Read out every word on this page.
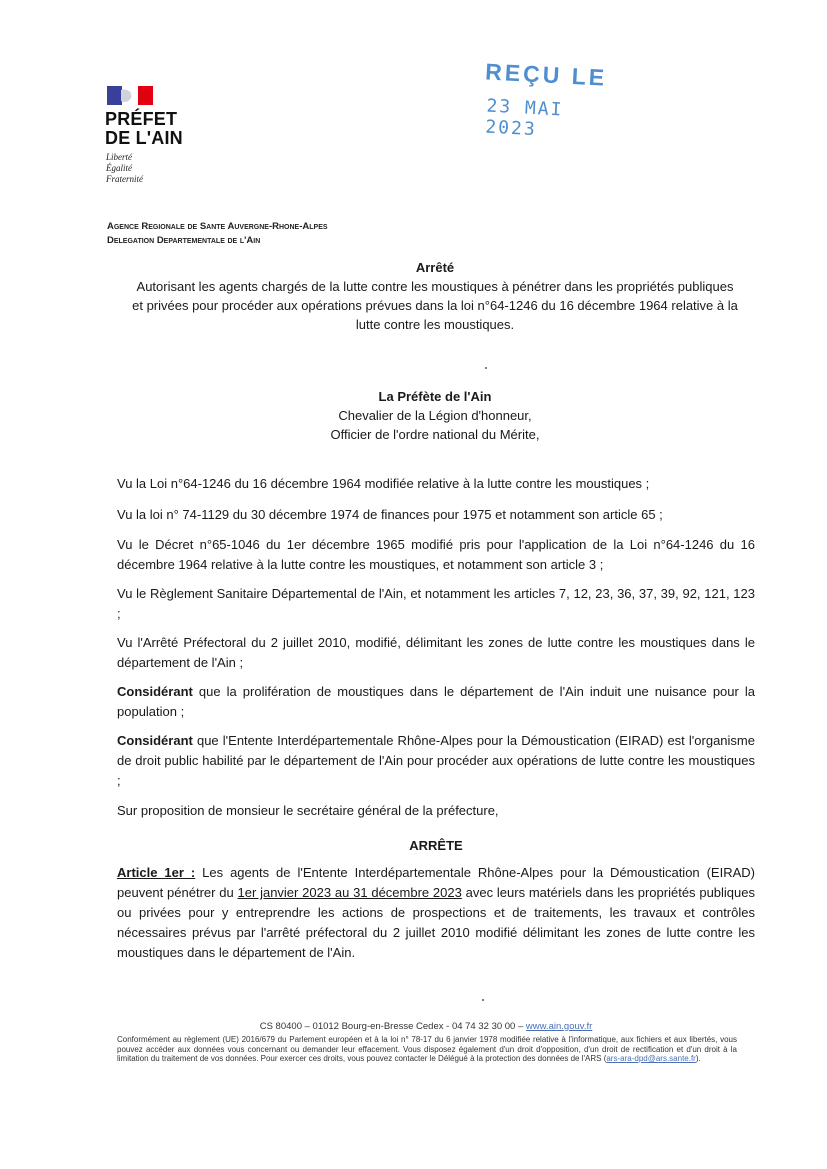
PRÉFET
DE L'AIN
Liberté
Égalité
Fraternité
REÇU LE
23 MAI 2023
Agence Regionale de Sante Auvergne-Rhone-Alpes
Delegation Departementale de l'Ain
Arrêté
Autorisant les agents chargés de la lutte contre les moustiques à pénétrer dans les propriétés publiques
et privées pour procéder aux opérations prévues dans la loi n°64-1246 du 16 décembre 1964 relative à la
lutte contre les moustiques.
La Préfète de l'Ain
Chevalier de la Légion d'honneur,
Officier de l'ordre national du Mérite,

Vu la Loi n°64-1246 du 16 décembre 1964 modifiée relative à la lutte contre les moustiques ;

Vu la loi n° 74-1129 du 30 décembre 1974 de finances pour 1975 et notamment son article 65 ;

Vu le Décret n°65-1046 du 1er décembre 1965 modifié pris pour l'application de la Loi n°64-1246 du 16 décembre 1964 relative à la lutte contre les moustiques, et notamment son article 3 ;

Vu le Règlement Sanitaire Départemental de l'Ain, et notamment les articles 7, 12, 23, 36, 37, 39, 92, 121, 123 ;

Vu l'Arrêté Préfectoral du 2 juillet 2010, modifié, délimitant les zones de lutte contre les moustiques dans le département de l'Ain ;

Considérant que la prolifération de moustiques dans le département de l'Ain induit une nuisance pour la population ;

Considérant que l'Entente Interdépartementale Rhône-Alpes pour la Démoustication (EIRAD) est l'organisme de droit public habilité par le département de l'Ain pour procéder aux opérations de lutte contre les moustiques ;

Sur proposition de monsieur le secrétaire général de la préfecture,

ARRÊTE

Article 1er : Les agents de l'Entente Interdépartementale Rhône-Alpes pour la Démoustication (EIRAD) peuvent pénétrer du 1er janvier 2023 au 31 décembre 2023 avec leurs matériels dans les propriétés publiques ou privées pour y entreprendre les actions de prospections et de traitements, les travaux et contrôles nécessaires prévus par l'arrêté préfectoral du 2 juillet 2010 modifié délimitant les zones de lutte contre les moustiques dans le département de l'Ain.

CS 80400 – 01012 Bourg-en-Bresse Cedex - 04 74 32 30 00 – www.ain.gouv.fr
Conformément au règlement (UE) 2016/679 du Parlement européen et à la loi n° 78-17 du 6 janvier 1978 modifiée relative à l'informatique, aux fichiers et aux libertés, vous pouvez accéder aux données vous concernant ou demander leur effacement. Vous disposez également d'un droit d'opposition, d'un droit de rectification et d'un droit à la limitation du traitement de vos données. Pour exercer ces droits, vous pouvez contacter le Délégué à la protection des données de l'ARS (ars-ara-dpd@ars.sante.fr).
